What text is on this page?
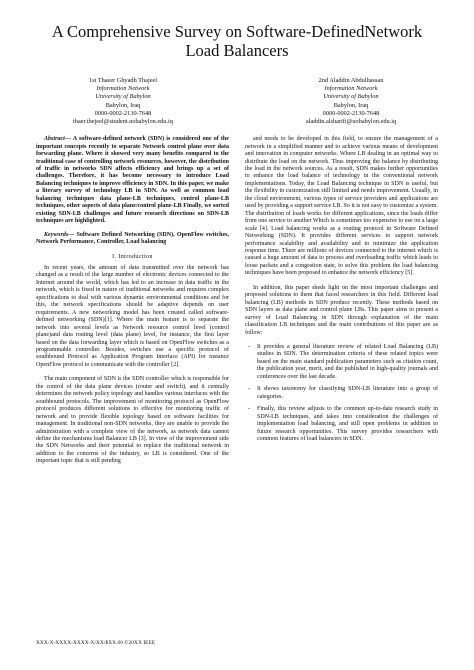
A Comprehensive Survey on Software-DefinedNetwork Load Balancers
1st Thaeer Ghyadh Thajeel
Information Network
University of Babylon
Babylon, Iraq
0000-0002-2130-7648
thaer.thejeel@student.uobabylon.edu.iq
2nd Aladdin Abdulhassan
Information Network
University of Babylon
Babylon, Iraq
0000-0002-2130-7648
aladdin.alsharifi@uobabylon.edu.iq

Abstract— A software-defined network (SDN) is considered one of the important concepts recently to separate Network control plane over data forwarding plane. Where it showed very many benefits compared to the traditional case of controlling network resources, however, the distribution of traffic in networks SDN affects efficiency and brings up a set of challenges. Therefore, it has become necessary to introduce Load Balancing techniques to improve efficiency in SDN. In this paper, we make a literary survey of technology LB in SDN. As well as common load balancing techniques data plane-LB techniques, control plane-LB techniques, other aspects of data plane/control plane-LB Finally, we sorted existing SDN-LB challenges and future research directions on SDN-LB techniques are highlighted.

Keywords— Software Defined Networking (SDN), OpenFlow switches, Network Performance, Controller, Load balancing

I. Introduction

In recent years, the amount of data transmitted over the network has changed as a result of the large number of electronic devices connected to the Internet around the world, which has led to an increase in data traffic in the network, which is fixed in nature of traditional networks and requires complex specifications to deal with various dynamic environmental conditions and for this, the network specifications should be adaptive depends on user requirements. A new networking model has been created called software-defined networking (SDN)[1]. Where the main feature is to separate the network into several levels as Network resource control level (control plane)and data routing level (data plane) level, for instance, the first layer based on the data forwarding layer which is based on OpenFlow switches as a programmable controller. Besides, switches use a specific protocol of southbound Protocol as Application Program Interface (API) for instance OpenFlow protocol to communicate with the controller [2].

The main component of SDN is the SDN controller which is responsible for the control of the data plane devices (router and switch), and it centrally determines the network policy topology and handles various interfaces with the southbound protocols. The improvement of monitoring protocol as OpenFlow protocol produces different solutions to effective for monitoring traffic of network and to provide flexible topology based on software facilities for management. In traditional non-SDN networks, they are unable to provide the administration with a complete view of the network, as network data cannot define the mechanisms load Balancer LB [3]. In view of the improvement side the SDN Networks and their potential to replace the traditional network in addition to the concerns of the industry, so LB is considered. One of the important topic that is still pending

and needs to be developed in this field, to ensure the management of a network in a simplified manner and to achieve various means of development and innovation in computer networks. Where LB dealing in an optimal way to distribute the load on the network. Thus improving the balance by distributing the load in the network sources. As a result, SDN makes further opportunities to enhance the load balance of technology in the conventional network implementations. Today, the Load Balancing technique in SDN is useful, but the flexibility in customization still limited and needs improvement. Usually, in the cloud environment, various types of service providers and applications are used by providing a support service LB. So it is not easy to customize a system. The distribution of loads works for different applications, since the loads differ from one service to another Which is sometimes too expensive to use on a large scale [4]. Load balancing works as a routing protocol in Software Defined Networking (SDN). It provides different services to support network performance scalability and availability and to minimize the application response time. There are millions of devices connected to the internet which is caused a huge amount of data to process and overloading traffic which leads to loose packets and a congestion state, to solve this problem the load balancing techniques have been proposed to enhance the network efficiency [5].

In addition, this paper sheds light on the most important challenges and proposed solutions to them that faced researchers in this field. Different load balancing (LB) methods in SDN produce recently. These methods based on SDN layers as data plane and control plane LBs. This paper aims to present a survey of Load Balancing in SDN through explanation of the main classification LB techniques and the main contributions of this paper are as follow:

- It provides a general literature review of related Load Balancing (LB) studies in SDN. The determination criteria of these related topics were based on the main standard publication parameters such as citation count, the publication year, merit, and the published in high-quality journals and conferences over the last decade.
- It shows taxonomy for classifying SDN-LB literature into a group of categories.
- Finally, this review adjusts to the common up-to-date research study in SDN-LB techniques, and takes into consideration the challenges of implementation load balancing, and still open problems in addition to future research opportunities. This survey provides researchers with common features of load balancers in SDN.
XXX-X-XXXX-XXXX-X/XX/$XX.00 ©20XX IEEE
